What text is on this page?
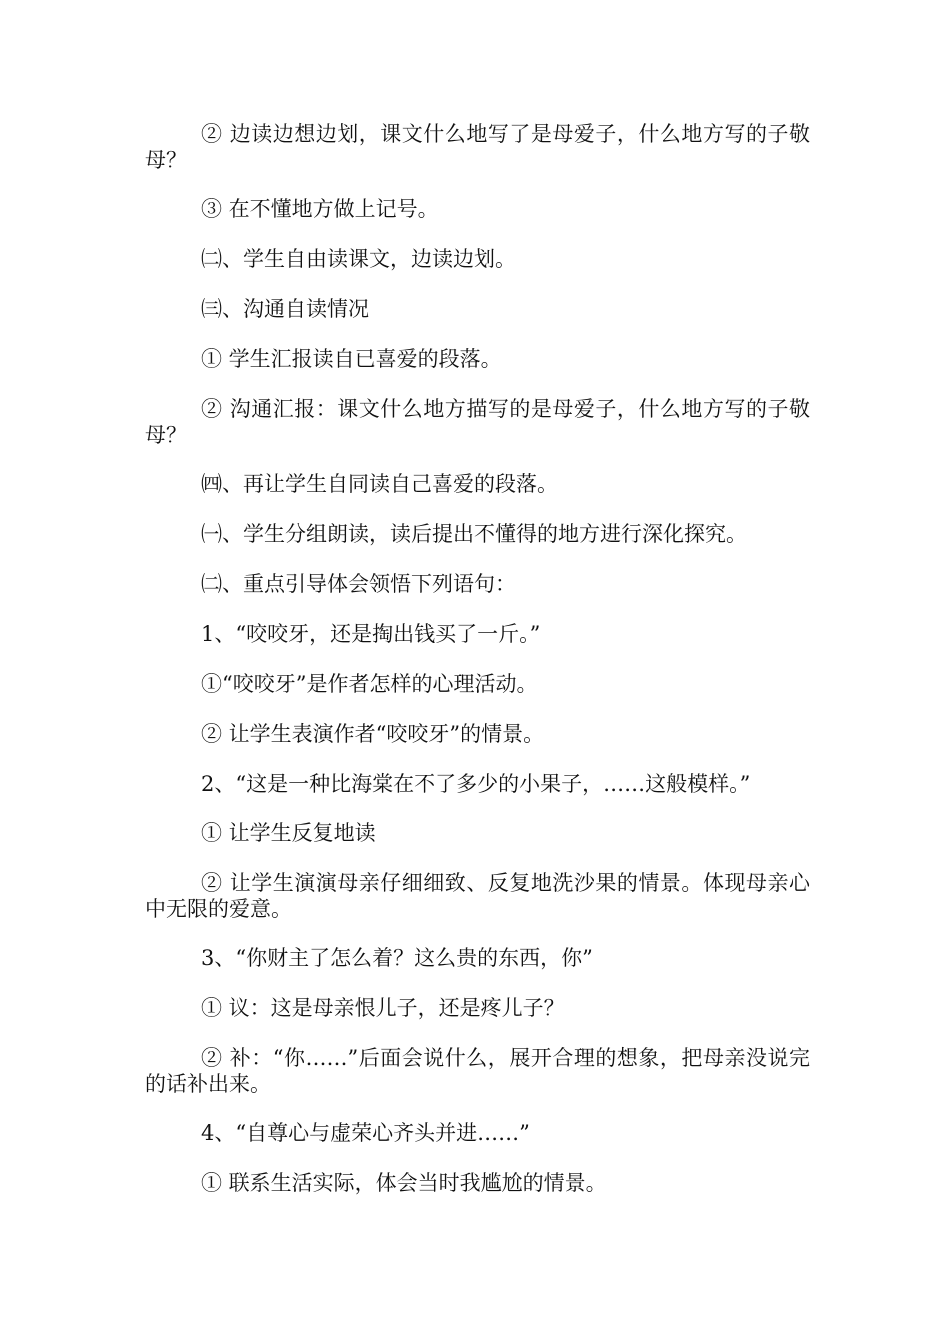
② 边读边想边划，课文什么地写了是母爱子，什么地方写的子敬母？

③ 在不懂地方做上记号。

㈡、学生自由读课文，边读边划。

㈢、沟通自读情况

① 学生汇报读自已喜爱的段落。

② 沟通汇报：课文什么地方描写的是母爱子，什么地方写的子敬母？

㈣、再让学生自同读自己喜爱的段落。

㈠、学生分组朗读，读后提出不懂得的地方进行深化探究。

㈡、重点引导体会领悟下列语句：

1、“咬咬牙，还是掏出钱买了一斤。”

①“咬咬牙”是作者怎样的心理活动。

② 让学生表演作者“咬咬牙”的情景。

2、“这是一种比海棠在不了多少的小果子，……这般模样。”

① 让学生反复地读

② 让学生演演母亲仔细细致、反复地洗沙果的情景。体现母亲心中无限的爱意。

3、“你财主了怎么着？这么贵的东西，你”

① 议：这是母亲恨儿子，还是疼儿子？

② 补：“你……”后面会说什么，展开合理的想象，把母亲没说完的话补出来。

4、“自尊心与虚荣心齐头并进……”

① 联系生活实际，体会当时我尴尬的情景。
